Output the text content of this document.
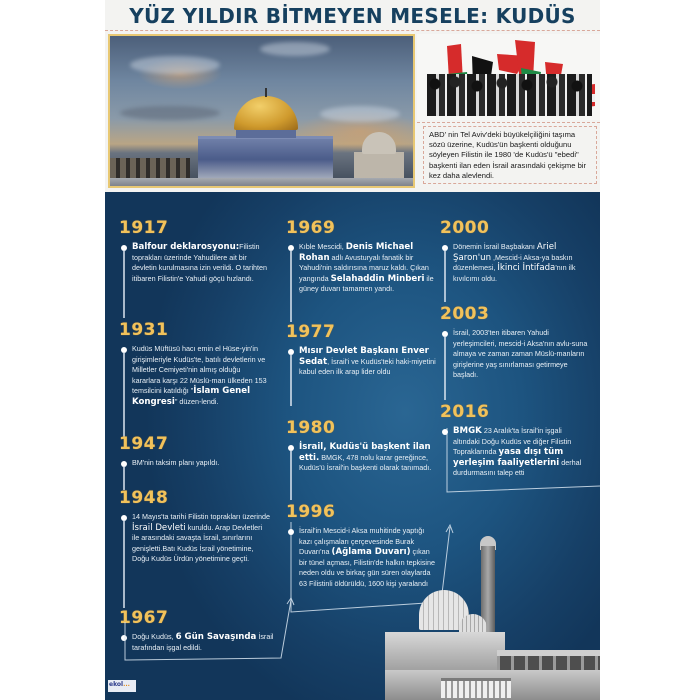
YÜZ YILDIR BİTMEYEN MESELE: KUDÜS
ABD' nin Tel Aviv'deki büyükelçiliğini taşıma sözü üzerine, Kudüs'ün başkenti olduğunu söyleyen Filistin ile 1980 'de Kudüs'ü "ebedi" başkenti ilan eden İsrail arasındaki çekişme bir kez daha alevlendi.
1917
Balfour deklarosyonu:Filistin toprakları üzerinde Yahudilere ait bir devletin kurulmasına izin verildi. O tarihten itibaren Filistin'e Yahudi göçü hızlandı.
1931
Kudüs Müftüsü hacı emin el Hüse-yin'in girişimleriyle Kudüs'te, batılı devletlerin ve Milletler Cemiyeti'nin almış olduğu kararlara karşı 22 Müslü-man ülkeden 153 temsilcini katıldığı "İslam Genel Kongresi" düzen-lendi.
1947
BM'nin taksim planı yapıldı.
1948
14 Mayıs'ta tarihi Filistin toprakları üzerinde İsrail Devleti kuruldu. Arap Devletleri ile arasındaki savaşta İsrail, sınırlarını genişletti.Batı Kudüs İsrail yönetimine, Doğu Kudüs Ürdün yönetimine geçti.
1967
Doğu Kudüs, 6 Gün Savaşında İsrail tarafından işgal edildi.
1969
Kıble Mescidi, Denis Michael Rohan adlı Avusturyalı fanatik bir Yahudi'nin saldırısına maruz kaldı. Çıkan yangında Selahaddin Minberi ile güney duvarı tamamen yandı.
1977
Mısır Devlet Başkanı Enver Sedat, İsrail'i ve Kudüs'teki haki-miyetini kabul eden ilk arap lider oldu
1980
İsrail, Kudüs'ü başkent ilan etti. BMGK, 478 nolu karar gereğince, Kudüs'ü İsrail'in başkenti olarak tanımadı.
1996
İsrail'in Mescid-i Aksa muhitinde yaptığı kazı çalışmaları çerçevesinde Burak Duvarı'na (Ağlama Duvarı) çıkan bir tünel açması, Filistin'de halkın tepkisine neden oldu ve birkaç gün süren olaylarda 63 Filistinli öldürüldü, 1600 kişi yaralandı
2000
Dönemin İsrail Başbakanı Ariel Şaron'un ,Mescid-i Aksa-ya baskın düzenlemesi, İkinci İntifada'nın ilk kıvılcımı oldu.
2003
İsrail, 2003'ten itibaren Yahudi yerleşimcileri, mescid-i Aksa'nın avlu-suna almaya ve zaman zaman Müslü-manların girişlerine yaş sınırlaması getirmeye başladı.
2016
BMGK 23 Aralık'ta İsrail'in işgali altındaki Doğu Kudüs ve diğer Filistin Topraklarında yasa dışı tüm yerleşim faaliyetlerini derhal durdurmasını talep etti
ekol...
